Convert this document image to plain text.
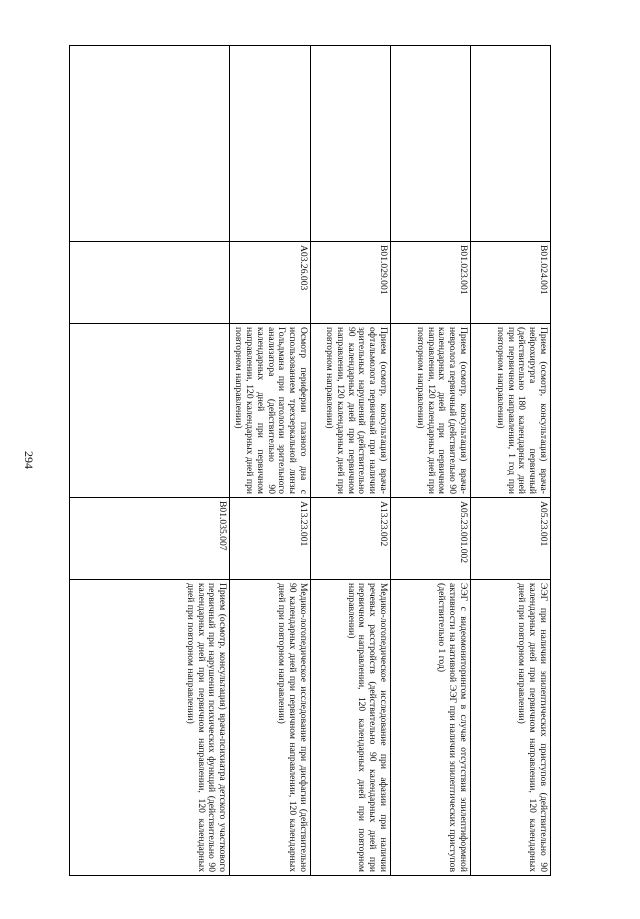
294
	B01.024.001	Прием (осмотр, консультация) врача-нейрохирурга первичный (действительно 180 календарных дней при первичном направлении, 1 год при повторном направлении)	A05.23.001	ЭЭГ при наличии эпилептических приступов (действительно 90 календарных дней при первичном направлении, 120 календарных дней при повторном направлении)
	B01.023.001	Прием (осмотр, консультация) врача-невролога первичный (действительно 90 календарных дней при первичном направлении, 120 календарных дней при повторном направлении)	A05.23.001.002	ЭЭГ с видеомониторингом в случае отсутствия эпилептиформной активности на нативной ЭЭГ при наличии эпилептических приступов (действительно 1 год)
	B01.029.001	Прием (осмотр, консультация) врача-офтальмолога первичный при наличии зрительных нарушений (действительно 90 календарных дней при первичном направлении, 120 календарных дней при повторном направлении)	A13.23.002	Медико-логопедическое исследование при афазии при наличии речевых расстройств (действительно 90 календарных дней при первичном направлении, 120 календарных дней при повторном направлении)
	A03.26.003	Осмотр периферии глазного дна с использованием трехзеркальной линзы Гольдмана при патологии зрительного анализатора (действительно 90 календарных дней при первичном направлении, 120 календарных дней при повторном направлении)	A13.23.001	Медико-логопедическое исследование при дисфагии (действительно 90 календарных дней при первичном направлении, 120 календарных дней при повторном направлении)
			B01.035.007	Прием (осмотр, консультация) врача-психиатра детского участкового первичный при нарушении психических функций (действительно 90 календарных дней при первичном направлении, 120 календарных дней при повторном направлении)
